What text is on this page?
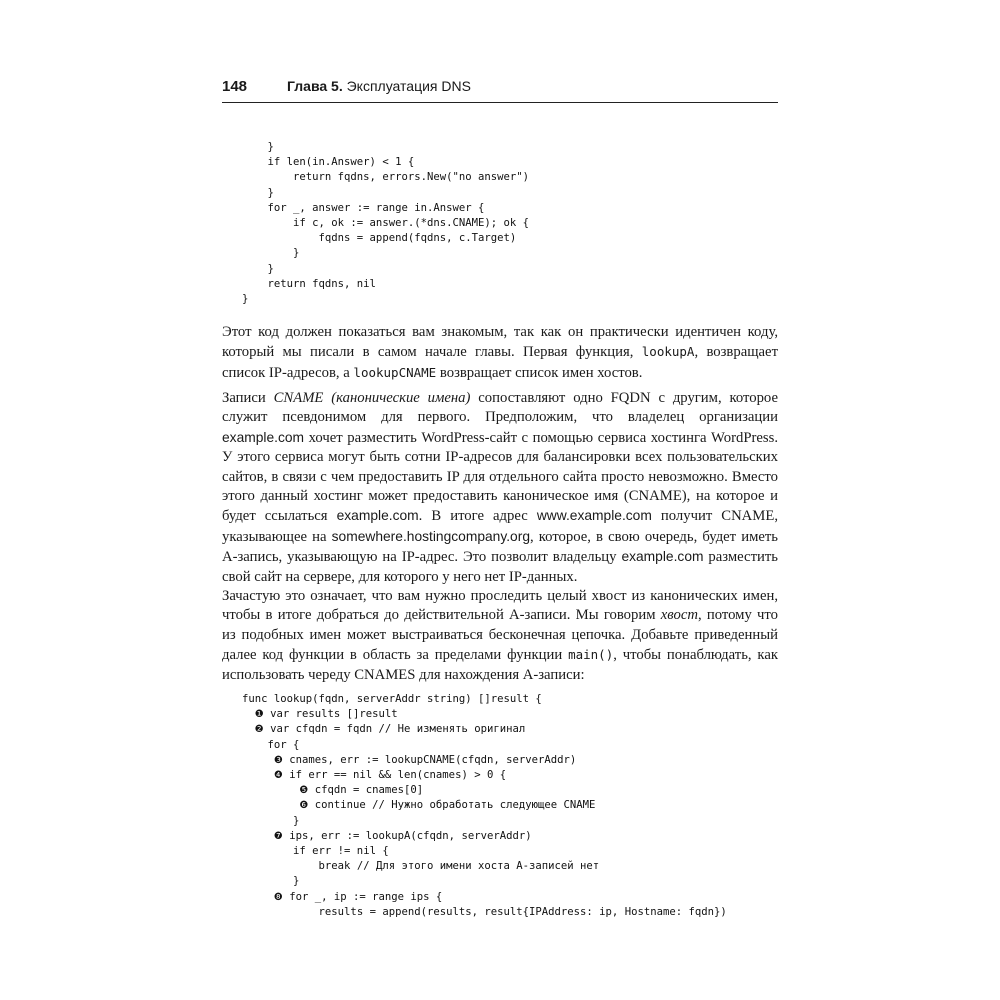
148	Глава 5. Эксплуатация DNS
}
if len(in.Answer) < 1 {
return fqdns, errors.New("no answer")
}
for _, answer := range in.Answer {
if c, ok := answer.(*dns.CNAME); ok {
fqdns = append(fqdns, c.Target)
}
}
return fqdns, nil
}

Этот код должен показаться вам знакомым, так как он практически идентичен коду, который мы писали в самом начале главы. Первая функция, lookupA, возвращает список IP-адресов, а lookupCNAME возвращает список имен хостов.

Записи CNAME (канонические имена) сопоставляют одно FQDN с другим, которое служит псевдонимом для первого. Предположим, что владелец организации example.com хочет разместить WordPress-сайт с помощью сервиса хостинга WordPress. У этого сервиса могут быть сотни IP-адресов для балансировки всех пользовательских сайтов, в связи с чем предоставить IP для отдельного сайта просто невозможно. Вместо этого данный хостинг может предоставить каноническое имя (CNAME), на которое и будет ссылаться example.com. В итоге адрес www.example.com получит CNAME, указывающее на somewhere.hostingcompany.org, которое, в свою очередь, будет иметь A-запись, указывающую на IP-адрес. Это позволит владельцу example.com разместить свой сайт на сервере, для которого у него нет IP-данных.

Зачастую это означает, что вам нужно проследить целый хвост из канонических имен, чтобы в итоге добраться до действительной A-записи. Мы говорим хвост, потому что из подобных имен может выстраиваться бесконечная цепочка. Добавьте приведенный далее код функции в область за пределами функции main(), чтобы понаблюдать, как использовать череду CNAMES для нахождения A-записи:

func lookup(fqdn, serverAddr string) []result {
❶ var results []result
❷ var cfqdn = fqdn // Не изменять оригинал
for {
❸ cnames, err := lookupCNAME(cfqdn, serverAddr)
❹ if err == nil && len(cnames) > 0 {
❺ cfqdn = cnames[0]
❻ continue // Нужно обработать следующее CNAME
}
❼ ips, err := lookupA(cfqdn, serverAddr)
if err != nil {
break // Для этого имени хоста A-записей нет
}
❽ for _, ip := range ips {
results = append(results, result{IPAddress: ip, Hostname: fqdn})
